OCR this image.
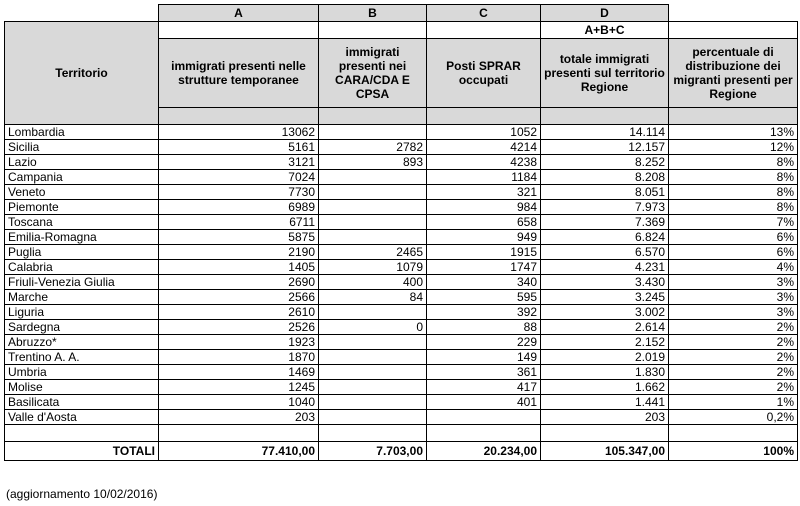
	A	B	C	D	
Territorio				A+B+C	
	immigrati presenti nelle strutture temporanee	immigrati presenti nei CARA/CDA E CPSA	Posti SPRAR occupati	totale immigrati presenti sul territorio Regione	percentuale di distribuzione dei migranti presenti per Regione

Lombardia	13062		1052	14.114	13%
Sicilia	5161	2782	4214	12.157	12%
Lazio	3121	893	4238	8.252	8%
Campania	7024		1184	8.208	8%
Veneto	7730		321	8.051	8%
Piemonte	6989		984	7.973	8%
Toscana	6711		658	7.369	7%
Emilia-Romagna	5875		949	6.824	6%
Puglia	2190	2465	1915	6.570	6%
Calabria	1405	1079	1747	4.231	4%
Friuli-Venezia Giulia	2690	400	340	3.430	3%
Marche	2566	84	595	3.245	3%
Liguria	2610		392	3.002	3%
Sardegna	2526	0	88	2.614	2%
Abruzzo*	1923		229	2.152	2%
Trentino A. A.	1870		149	2.019	2%
Umbria	1469		361	1.830	2%
Molise	1245		417	1.662	2%
Basilicata	1040		401	1.441	1%
Valle d'Aosta	203			203	0,2%

TOTALI	77.410,00	7.703,00	20.234,00	105.347,00	100%
(aggiornamento 10/02/2016)
